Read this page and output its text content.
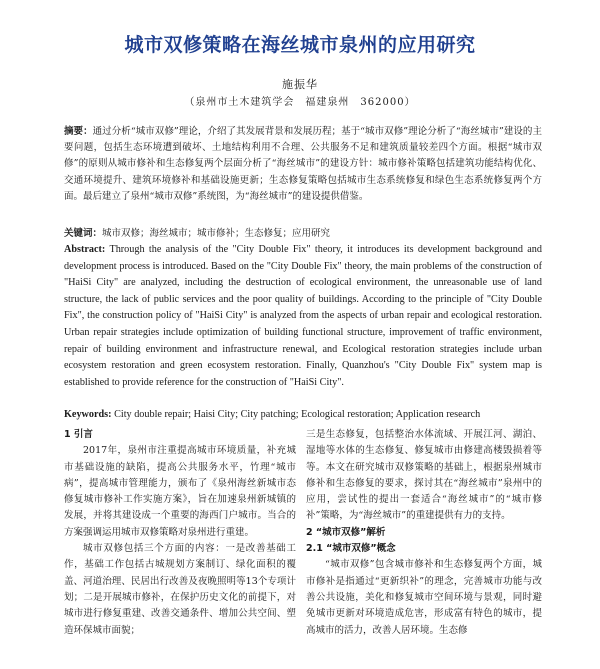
城市双修策略在海丝城市泉州的应用研究
施振华
（泉州市土木建筑学会　福建泉州　362000）
摘要：通过分析“城市双修”理论，介绍了其发展背景和发展历程；基于“城市双修”理论分析了“海丝城市”建设的主要问题，包括生态环境遭到破坏、土地结构利用不合理、公共服务不足和建筑质量较差四个方面。根据“城市双修”的原则从城市修补和生态修复两个层面分析了“海丝城市”的建设方针：城市修补策略包括建筑功能结构优化、交通环境提升、建筑环境修补和基础设施更新；生态修复策略包括城市生态系统修复和绿色生态系统修复两个方面。最后建立了泉州“城市双修”系统图，为“海丝城市”的建设提供借鉴。
关键词：城市双修；海丝城市；城市修补；生态修复；应用研究
Abstract: Through the analysis of the "City Double Fix" theory, it introduces its development background and development process is introduced. Based on the "City Double Fix" theory, the main problems of the construction of "HaiSi City" are analyzed, including the destruction of ecological environment, the unreasonable use of land structure, the lack of public services and the poor quality of buildings. According to the principle of "City Double Fix", the construction policy of "HaiSi City" is analyzed from the aspects of urban repair and ecological restoration. Urban repair strategies include optimization of building functional structure, improvement of traffic environment, repair of building environment and infrastructure renewal, and Ecological restoration strategies include urban ecosystem restoration and green ecosystem restoration. Finally, Quanzhou's "City Double Fix" system map is established to provide reference for the construction of "HaiSi City".
Keywords: City double repair; Haisi City; City patching; Ecological restoration; Application research

1 引言

2017年，泉州市注重提高城市环境质量，补充城市基础设施的缺陷，提高公共服务水平，竹理“城市病”，提高城市管理能力，颁布了《泉州海丝新城市态修复城市修补工作实施方案》，旨在加速泉州新城镇的发展，并将其建设成一个重要的海西门户城市。当合的方案强调运用城市双修策略对泉州进行重建。

城市双修包括三个方面的内容：一是改善基础工作，基础工作包括古城规划方案制订、绿化面积的覆盖、河道治理、民居出行改善及夜晚照明等13个专项计划；二是开展城市修补，在保护历史文化的前提下，对城市进行修复重建、改善交通条件、增加公共空间、塑造环保城市面貌；

三是生态修复，包括整治水体流域、开展江河、湖泊、湿地等水体的生态修复、修复城市由修建高楼毁损着等等。本文在研究城市双修策略的基础上，根据泉州城市修补和生态修复的要求，探讨其在“海丝城市”泉州中的应用，尝试性的提出一套适合“海丝城市”的“城市修补”策略，为“海丝城市”的重建提供有力的支持。

2 “城市双修”解析

2.1 “城市双修”概念

“城市双修”包含城市修补和生态修复两个方面，城市修补是指通过“更新织补”的理念，完善城市功能与改善公共设施，美化和修复城市空间环境与景观，同时避免城市更新对环境造成危害，形成富有特色的城市，提高城市的活力，改善人居环境。生态修
